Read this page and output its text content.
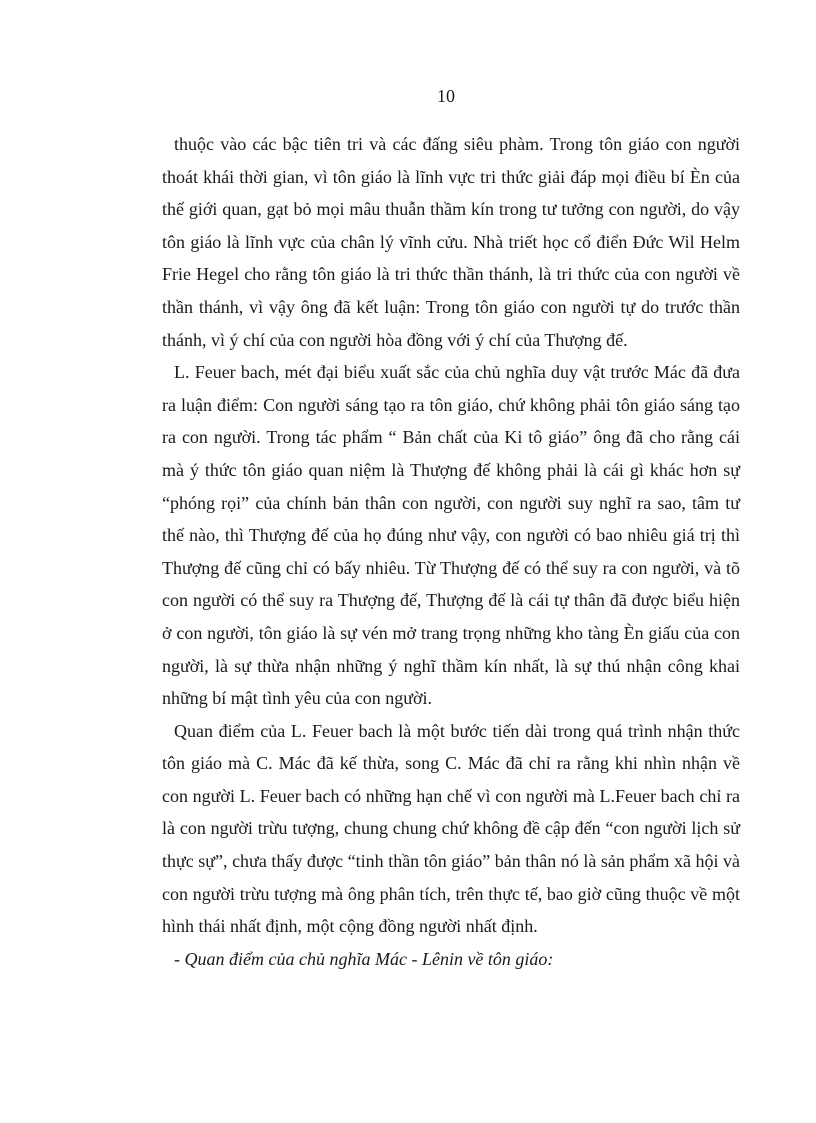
10

thuộc vào các bậc tiên tri và các đấng siêu phàm. Trong tôn giáo con người thoát khái thời gian, vì tôn giáo là lĩnh vực tri thức giải đáp mọi điều bí Èn của thế giới quan, gạt bỏ mọi mâu thuẫn thầm kín trong tư tưởng con người, do vậy tôn giáo là lĩnh vực của chân lý vĩnh cửu. Nhà triết học cổ điển Đức Wil Helm Frie Hegel cho rằng tôn giáo là tri thức thần thánh, là tri thức của con người về thần thánh, vì vậy ông đã kết luận: Trong tôn giáo con người tự do trước thần thánh, vì ý chí của con người hòa đồng với ý chí của Thượng đế.

L. Feuer bach, mét đại biểu xuất sắc của chủ nghĩa duy vật trước Mác đã đưa ra luận điểm: Con người sáng tạo ra tôn giáo, chứ không phải tôn giáo sáng tạo ra con người. Trong tác phẩm “ Bản chất của Ki tô giáo” ông đã cho rằng cái mà ý thức tôn giáo quan niệm là Thượng đế không phải là cái gì khác hơn sự “phóng rọi” của chính bản thân con người, con người suy nghĩ ra sao, tâm tư thế nào, thì Thượng đế của họ đúng như vậy, con người có bao nhiêu giá trị thì Thượng đế cũng chỉ có bấy nhiêu. Từ Thượng đế có thể suy ra con người, và tõ con người có thể suy ra Thượng đế, Thượng đế là cái tự thân đã được biểu hiện ở con người, tôn giáo là sự vén mở trang trọng những kho tàng Èn giấu của con người, là sự thừa nhận những ý nghĩ thầm kín nhất, là sự thú nhận công khai những bí mật tình yêu của con người.

Quan điểm của L. Feuer bach là một bước tiến dài trong quá trình nhận thức tôn giáo mà C. Mác đã kế thừa, song C. Mác đã chỉ ra rằng khi nhìn nhận về con người L. Feuer bach có những hạn chế vì con người mà L.Feuer bach chỉ ra là con người trừu tượng, chung chung chứ không đề cập đến “con người lịch sử thực sự”, chưa thấy được “tinh thần tôn giáo” bản thân nó là sản phẩm xã hội và con người trừu tượng mà ông phân tích, trên thực tế, bao giờ cũng thuộc về một hình thái nhất định, một cộng đồng người nhất định.

- Quan điểm của chủ nghĩa Mác - Lênin về tôn giáo:
